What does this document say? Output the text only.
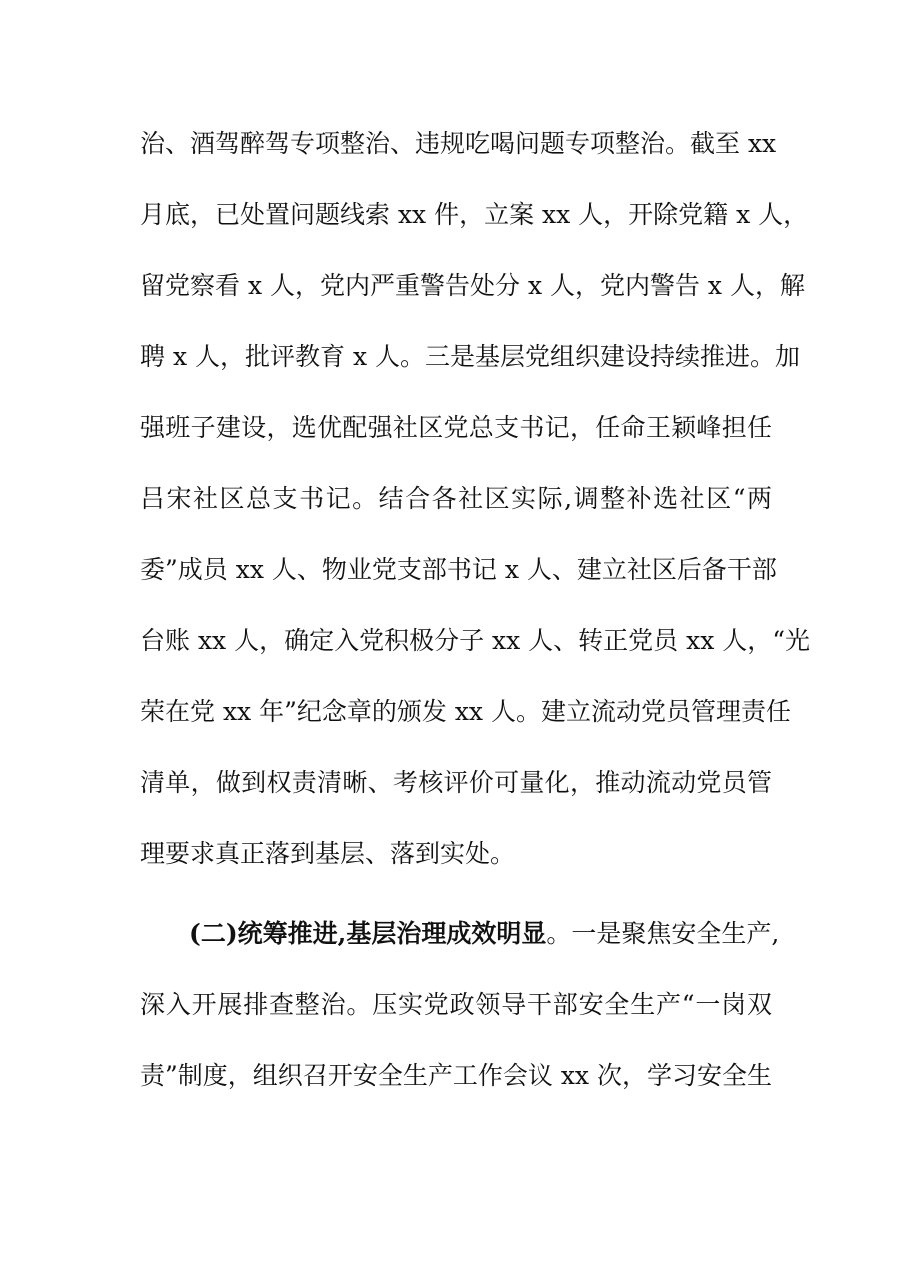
治、酒驾醉驾专项整治、违规吃喝问题专项整治。截至 xx
月底，已处置问题线索 xx 件，立案 xx 人，开除党籍 x 人，
留党察看 x 人，党内严重警告处分 x 人，党内警告 x 人，解
聘 x 人，批评教育 x 人。三是基层党组织建设持续推进。加
强班子建设，选优配强社区党总支书记，任命王颖峰担任
吕宋社区总支书记。结合各社区实际,调整补选社区“两
委”成员 xx 人、物业党支部书记 x 人、建立社区后备干部
台账 xx 人，确定入党积极分子 xx 人、转正党员 xx 人，“光
荣在党 xx 年”纪念章的颁发 xx 人。建立流动党员管理责任
清单，做到权责清晰、考核评价可量化，推动流动党员管
理要求真正落到基层、落到实处。
(二)统筹推进,基层治理成效明显。一是聚焦安全生产,
深入开展排查整治。压实党政领导干部安全生产“一岗双
责”制度，组织召开安全生产工作会议 xx 次，学习安全生
